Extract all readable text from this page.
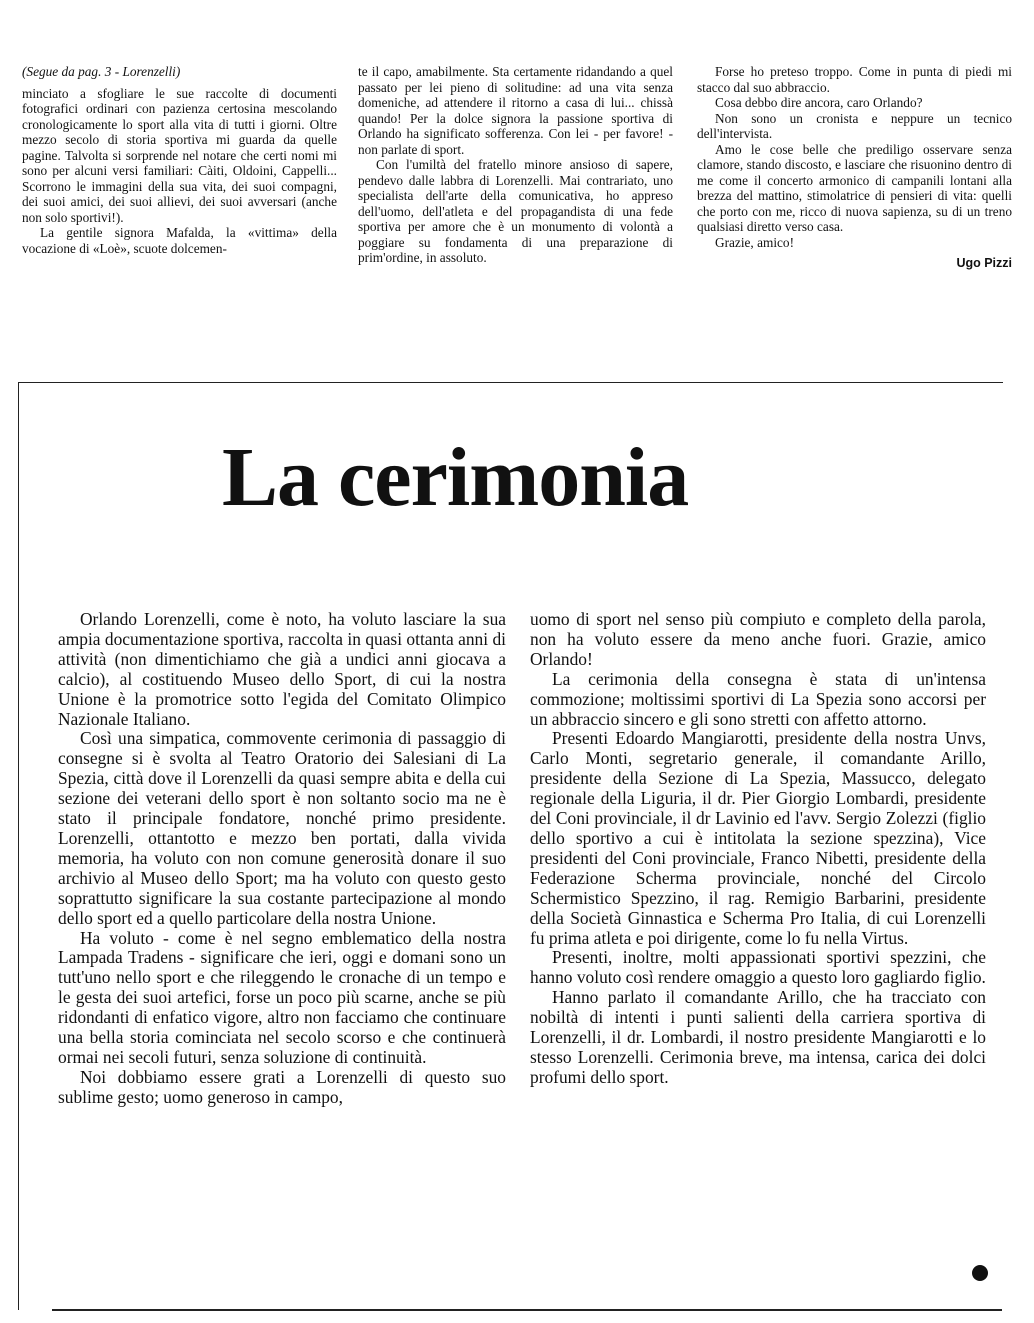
(Segue da pag. 3 - Lorenzelli)

minciato a sfogliare le sue raccolte di documenti fotografici ordinari con pazienza certosina mescolando cronologicamente lo sport alla vita di tutti i giorni. Oltre mezzo secolo di storia sportiva mi guarda da quelle pagine. Talvolta si sorprende nel notare che certi nomi mi sono per alcuni versi familiari: Càiti, Oldoini, Cappelli... Scorrono le immagini della sua vita, dei suoi compagni, dei suoi amici, dei suoi allievi, dei suoi avversari (anche non solo sportivi!).

La gentile signora Mafalda, la «vittima» della vocazione di «Loè», scuote dolcemen-

te il capo, amabilmente. Sta certamente ridandando a quel passato per lei pieno di solitudine: ad una vita senza domeniche, ad attendere il ritorno a casa di lui... chissà quando! Per la dolce signora la passione sportiva di Orlando ha significato sofferenza. Con lei - per favore! - non parlate di sport.

Con l'umiltà del fratello minore ansioso di sapere, pendevo dalle labbra di Lorenzelli. Mai contrariato, uno specialista dell'arte della comunicativa, ho appreso dell'uomo, dell'atleta e del propagandista di una fede sportiva per amore che è un monumento di volontà a poggiare su fondamenta di una preparazione di prim'ordine, in assoluto.

Forse ho preteso troppo. Come in punta di piedi mi stacco dal suo abbraccio.

Cosa debbo dire ancora, caro Orlando?

Non sono un cronista e neppure un tecnico dell'intervista.

Amo le cose belle che prediligo osservare senza clamore, stando discosto, e lasciare che risuonino dentro di me come il concerto armonico di campanili lontani alla brezza del mattino, stimolatrice di pensieri di vita: quelli che porto con me, ricco di nuova sapienza, su di un treno qualsiasi diretto verso casa.

Grazie, amico!

Ugo Pizzi

La cerimonia

Orlando Lorenzelli, come è noto, ha voluto lasciare la sua ampia documentazione sportiva, raccolta in quasi ottanta anni di attività (non dimentichiamo che già a undici anni giocava a calcio), al costituendo Museo dello Sport, di cui la nostra Unione è la promotrice sotto l'egida del Comitato Olimpico Nazionale Italiano.

Così una simpatica, commovente cerimonia di passaggio di consegne si è svolta al Teatro Oratorio dei Salesiani di La Spezia, città dove il Lorenzelli da quasi sempre abita e della cui sezione dei veterani dello sport è non soltanto socio ma ne è stato il principale fondatore, nonché primo presidente. Lorenzelli, ottantotto e mezzo ben portati, dalla vivida memoria, ha voluto con non comune generosità donare il suo archivio al Museo dello Sport; ma ha voluto con questo gesto soprattutto significare la sua costante partecipazione al mondo dello sport ed a quello particolare della nostra Unione.

Ha voluto - come è nel segno emblematico della nostra Lampada Tradens - significare che ieri, oggi e domani sono un tutt'uno nello sport e che rileggendo le cronache di un tempo e le gesta dei suoi artefici, forse un poco più scarne, anche se più ridondanti di enfatico vigore, altro non facciamo che continuare una bella storia cominciata nel secolo scorso e che continuerà ormai nei secoli futuri, senza soluzione di continuità.

Noi dobbiamo essere grati a Lorenzelli di questo suo sublime gesto; uomo generoso in campo,

uomo di sport nel senso più compiuto e completo della parola, non ha voluto essere da meno anche fuori. Grazie, amico Orlando!

La cerimonia della consegna è stata di un'intensa commozione; moltissimi sportivi di La Spezia sono accorsi per un abbraccio sincero e gli sono stretti con affetto attorno.

Presenti Edoardo Mangiarotti, presidente della nostra Unvs, Carlo Monti, segretario generale, il comandante Arillo, presidente della Sezione di La Spezia, Massucco, delegato regionale della Liguria, il dr. Pier Giorgio Lombardi, presidente del Coni provinciale, il dr Lavinio ed l'avv. Sergio Zolezzi (figlio dello sportivo a cui è intitolata la sezione spezzina), Vice presidenti del Coni provinciale, Franco Nibetti, presidente della Federazione Scherma provinciale, nonché del Circolo Schermistico Spezzino, il rag. Remigio Barbarini, presidente della Società Ginnastica e Scherma Pro Italia, di cui Lorenzelli fu prima atleta e poi dirigente, come lo fu nella Virtus.

Presenti, inoltre, molti appassionati sportivi spezzini, che hanno voluto così rendere omaggio a questo loro gagliardo figlio.

Hanno parlato il comandante Arillo, che ha tracciato con nobiltà di intenti i punti salienti della carriera sportiva di Lorenzelli, il dr. Lombardi, il nostro presidente Mangiarotti e lo stesso Lorenzelli. Cerimonia breve, ma intensa, carica dei dolci profumi dello sport.
